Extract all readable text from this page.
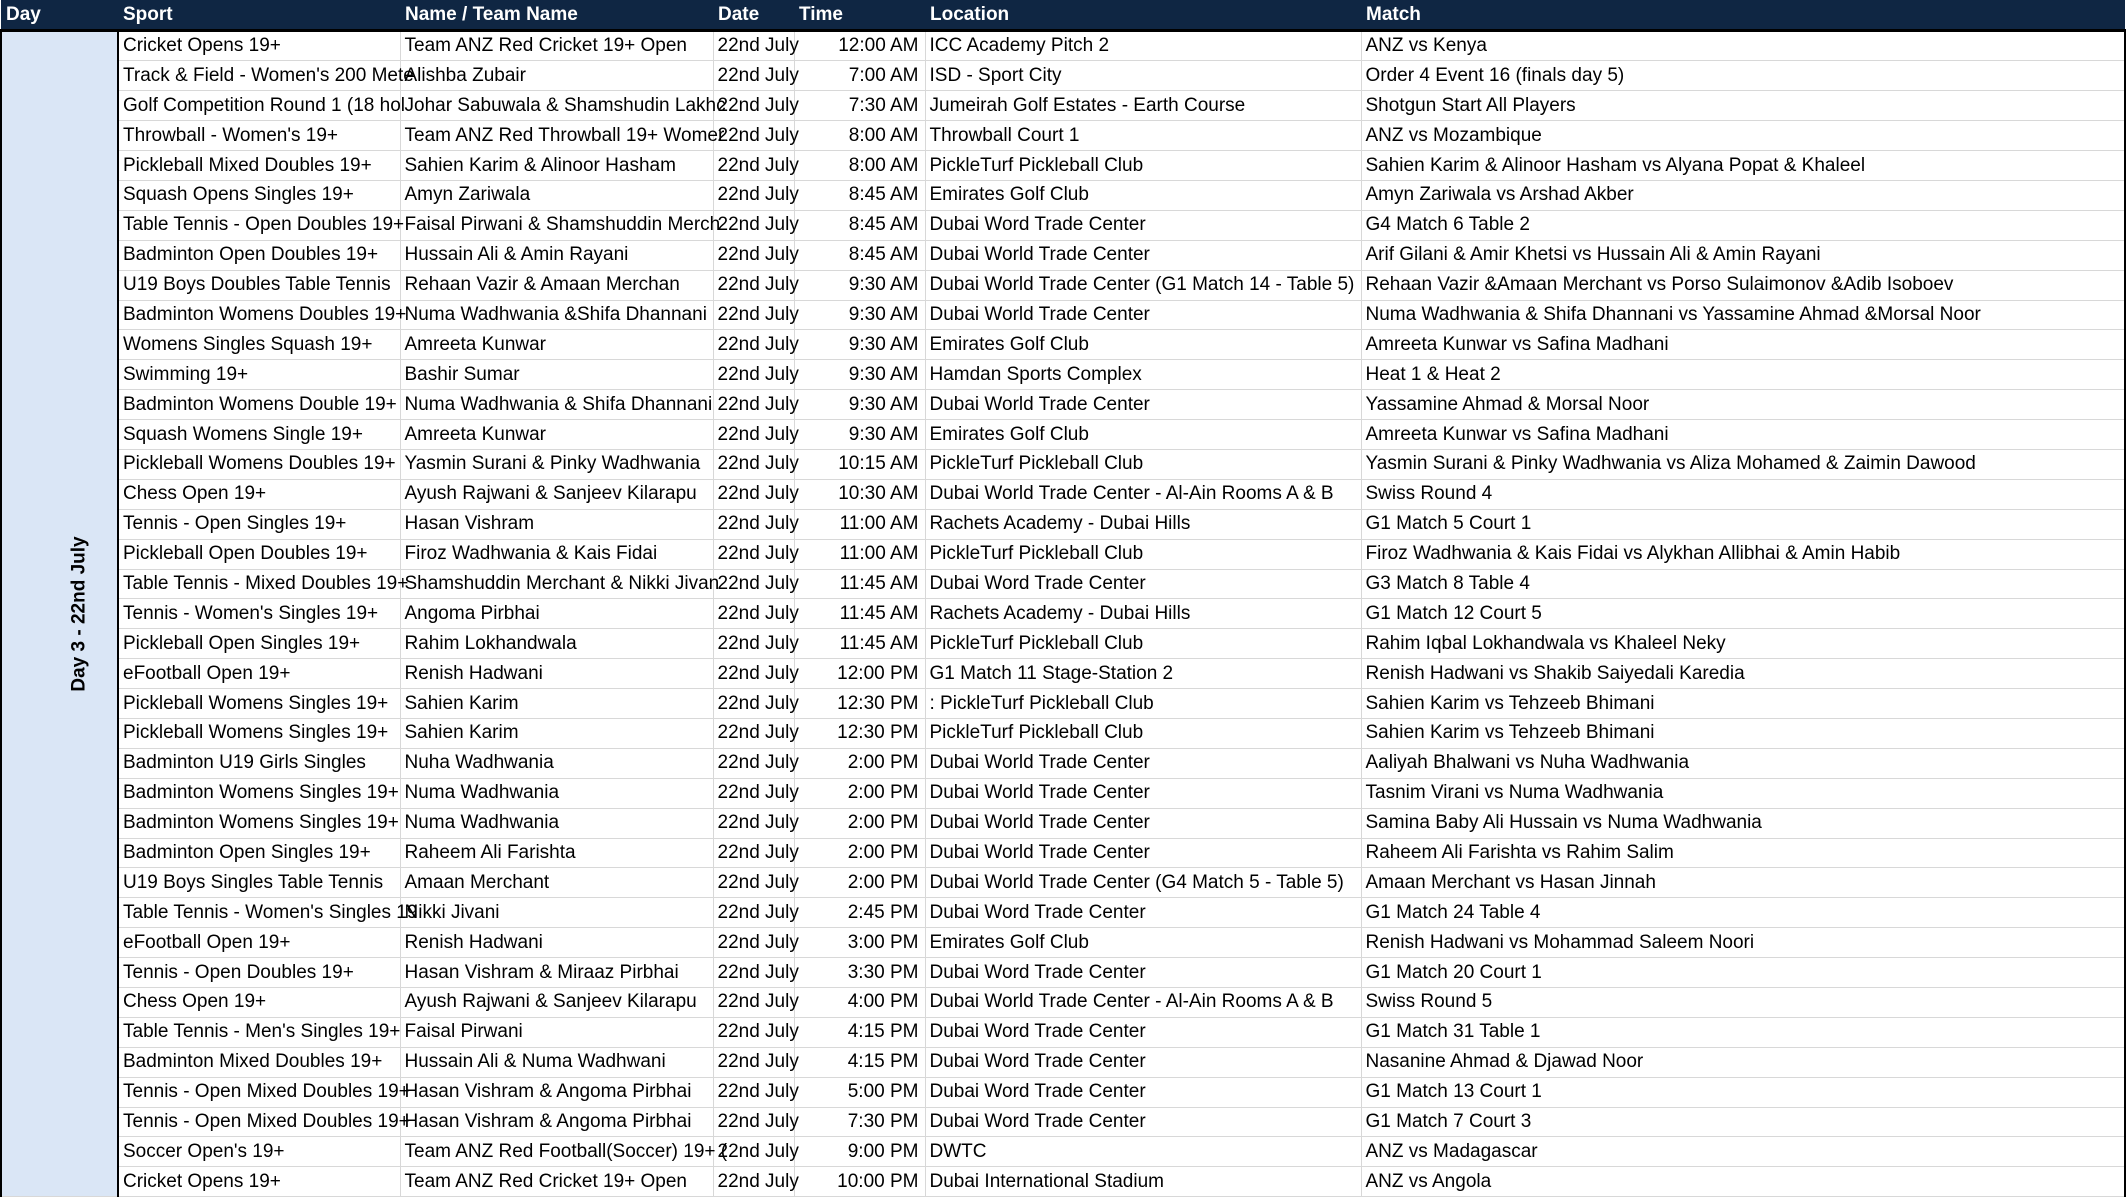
Day	Sport	Name / Team Name	Date	Time	Location	Match
Day 3 - 22nd July	Cricket Opens 19+	Team ANZ Red Cricket 19+ Open	22nd July	12:00 AM	ICC Academy Pitch 2	ANZ vs Kenya
	Track & Field - Women's 200 Mete	Alishba Zubair	22nd July	7:00 AM	ISD - Sport City	Order 4 Event 16 (finals day 5)
	Golf Competition Round 1 (18 hol	Johar Sabuwala & Shamshudin Lakhc	22nd July	7:30 AM	Jumeirah Golf Estates - Earth Course	Shotgun Start All Players
	Throwball - Women's 19+	Team ANZ Red Throwball 19+ Womer	22nd July	8:00 AM	Throwball Court 1	ANZ vs Mozambique
	Pickleball Mixed Doubles 19+	Sahien Karim & Alinoor Hasham	22nd July	8:00 AM	PickleTurf Pickleball Club	Sahien Karim & Alinoor Hasham vs Alyana Popat & Khaleel
	Squash Opens Singles 19+	Amyn Zariwala	22nd July	8:45 AM	Emirates Golf Club	Amyn Zariwala vs Arshad Akber
	Table Tennis - Open Doubles 19+	Faisal Pirwani & Shamshuddin Merch	22nd July	8:45 AM	Dubai Word Trade Center	G4 Match 6 Table 2
	Badminton Open Doubles 19+	Hussain Ali & Amin Rayani	22nd July	8:45 AM	Dubai World Trade Center	Arif Gilani & Amir Khetsi vs Hussain Ali & Amin Rayani
	U19 Boys Doubles Table Tennis	Rehaan Vazir & Amaan Merchan	22nd July	9:30 AM	Dubai World Trade Center (G1 Match 14 - Table 5)	Rehaan Vazir &Amaan Merchant vs Porso Sulaimonov &Adib Isoboev
	Badminton Womens Doubles 19+	Numa Wadhwania &Shifa Dhannani	22nd July	9:30 AM	Dubai World Trade Center	Numa Wadhwania & Shifa Dhannani vs Yassamine Ahmad &Morsal Noor
	Womens Singles Squash 19+	Amreeta Kunwar	22nd July	9:30 AM	Emirates Golf Club	Amreeta Kunwar vs Safina Madhani
	Swimming 19+	Bashir Sumar	22nd July	9:30 AM	Hamdan Sports Complex	Heat 1 & Heat 2
	Badminton Womens Double 19+	Numa Wadhwania & Shifa Dhannani	22nd July	9:30 AM	Dubai World Trade Center	Yassamine Ahmad & Morsal Noor
	Squash Womens Single 19+	Amreeta Kunwar	22nd July	9:30 AM	Emirates Golf Club	Amreeta Kunwar vs Safina Madhani
	Pickleball Womens Doubles 19+	Yasmin Surani & Pinky Wadhwania	22nd July	10:15 AM	PickleTurf Pickleball Club	Yasmin Surani & Pinky Wadhwania vs Aliza Mohamed & Zaimin Dawood
	Chess Open 19+	Ayush Rajwani & Sanjeev Kilarapu	22nd July	10:30 AM	Dubai World Trade Center - Al-Ain Rooms A & B	Swiss Round 4
	Tennis - Open Singles 19+	Hasan Vishram	22nd July	11:00 AM	Rachets Academy - Dubai Hills	G1 Match 5 Court 1
	Pickleball Open Doubles 19+	Firoz Wadhwania & Kais Fidai	22nd July	11:00 AM	PickleTurf Pickleball Club	Firoz Wadhwania & Kais Fidai vs Alykhan Allibhai & Amin Habib
	Table Tennis - Mixed Doubles 19+	Shamshuddin Merchant & Nikki Jivan	22nd July	11:45 AM	Dubai Word Trade Center	G3 Match 8 Table 4
	Tennis - Women's Singles 19+	Angoma Pirbhai	22nd July	11:45 AM	Rachets Academy - Dubai Hills	G1 Match 12 Court 5
	Pickleball Open Singles 19+	Rahim Lokhandwala	22nd July	11:45 AM	PickleTurf Pickleball Club	Rahim Iqbal Lokhandwala vs Khaleel Neky
	eFootball Open 19+	Renish Hadwani	22nd July	12:00 PM	G1 Match 11 Stage-Station 2	Renish Hadwani vs Shakib Saiyedali Karedia
	Pickleball Womens Singles 19+	Sahien Karim	22nd July	12:30 PM	: PickleTurf Pickleball Club	Sahien Karim vs Tehzeeb Bhimani
	Pickleball Womens Singles 19+	Sahien Karim	22nd July	12:30 PM	PickleTurf Pickleball Club	Sahien Karim vs Tehzeeb Bhimani
	Badminton U19 Girls Singles	Nuha Wadhwania	22nd July	2:00 PM	Dubai World Trade Center	Aaliyah Bhalwani vs Nuha Wadhwania
	Badminton Womens Singles 19+	Numa Wadhwania	22nd July	2:00 PM	Dubai World Trade Center	Tasnim Virani vs Numa Wadhwania
	Badminton Womens Singles 19+	Numa Wadhwania	22nd July	2:00 PM	Dubai World Trade Center	Samina Baby Ali Hussain vs Numa Wadhwania
	Badminton Open Singles 19+	Raheem Ali Farishta	22nd July	2:00 PM	Dubai World Trade Center	Raheem Ali Farishta vs Rahim Salim
	U19 Boys Singles Table Tennis	Amaan Merchant	22nd July	2:00 PM	Dubai World Trade Center (G4 Match 5 - Table 5)	Amaan Merchant vs Hasan Jinnah
	Table Tennis - Women's Singles 19	Nikki Jivani	22nd July	2:45 PM	Dubai Word Trade Center	G1 Match 24 Table 4
	eFootball Open 19+	Renish Hadwani	22nd July	3:00 PM	Emirates Golf Club	Renish Hadwani vs Mohammad Saleem Noori
	Tennis - Open Doubles 19+	Hasan Vishram & Miraaz Pirbhai	22nd July	3:30 PM	Dubai Word Trade Center	G1 Match 20 Court 1
	Chess Open 19+	Ayush Rajwani & Sanjeev Kilarapu	22nd July	4:00 PM	Dubai World Trade Center - Al-Ain Rooms A & B	Swiss Round 5
	Table Tennis - Men's Singles 19+	Faisal Pirwani	22nd July	4:15 PM	Dubai Word Trade Center	G1 Match 31 Table 1
	Badminton Mixed Doubles 19+	Hussain Ali & Numa Wadhwani	22nd July	4:15 PM	Dubai Word Trade Center	Nasanine Ahmad & Djawad Noor
	Tennis - Open Mixed Doubles 19+	Hasan Vishram & Angoma Pirbhai	22nd July	5:00 PM	Dubai Word Trade Center	G1 Match 13 Court 1
	Tennis - Open Mixed Doubles 19+	Hasan Vishram & Angoma Pirbhai	22nd July	7:30 PM	Dubai Word Trade Center	G1 Match 7 Court 3
	Soccer Open's 19+	Team ANZ Red Football(Soccer) 19+ (	22nd July	9:00 PM	DWTC	ANZ vs Madagascar
	Cricket Opens 19+	Team ANZ Red Cricket 19+ Open	22nd July	10:00 PM	Dubai International Stadium	ANZ vs Angola
